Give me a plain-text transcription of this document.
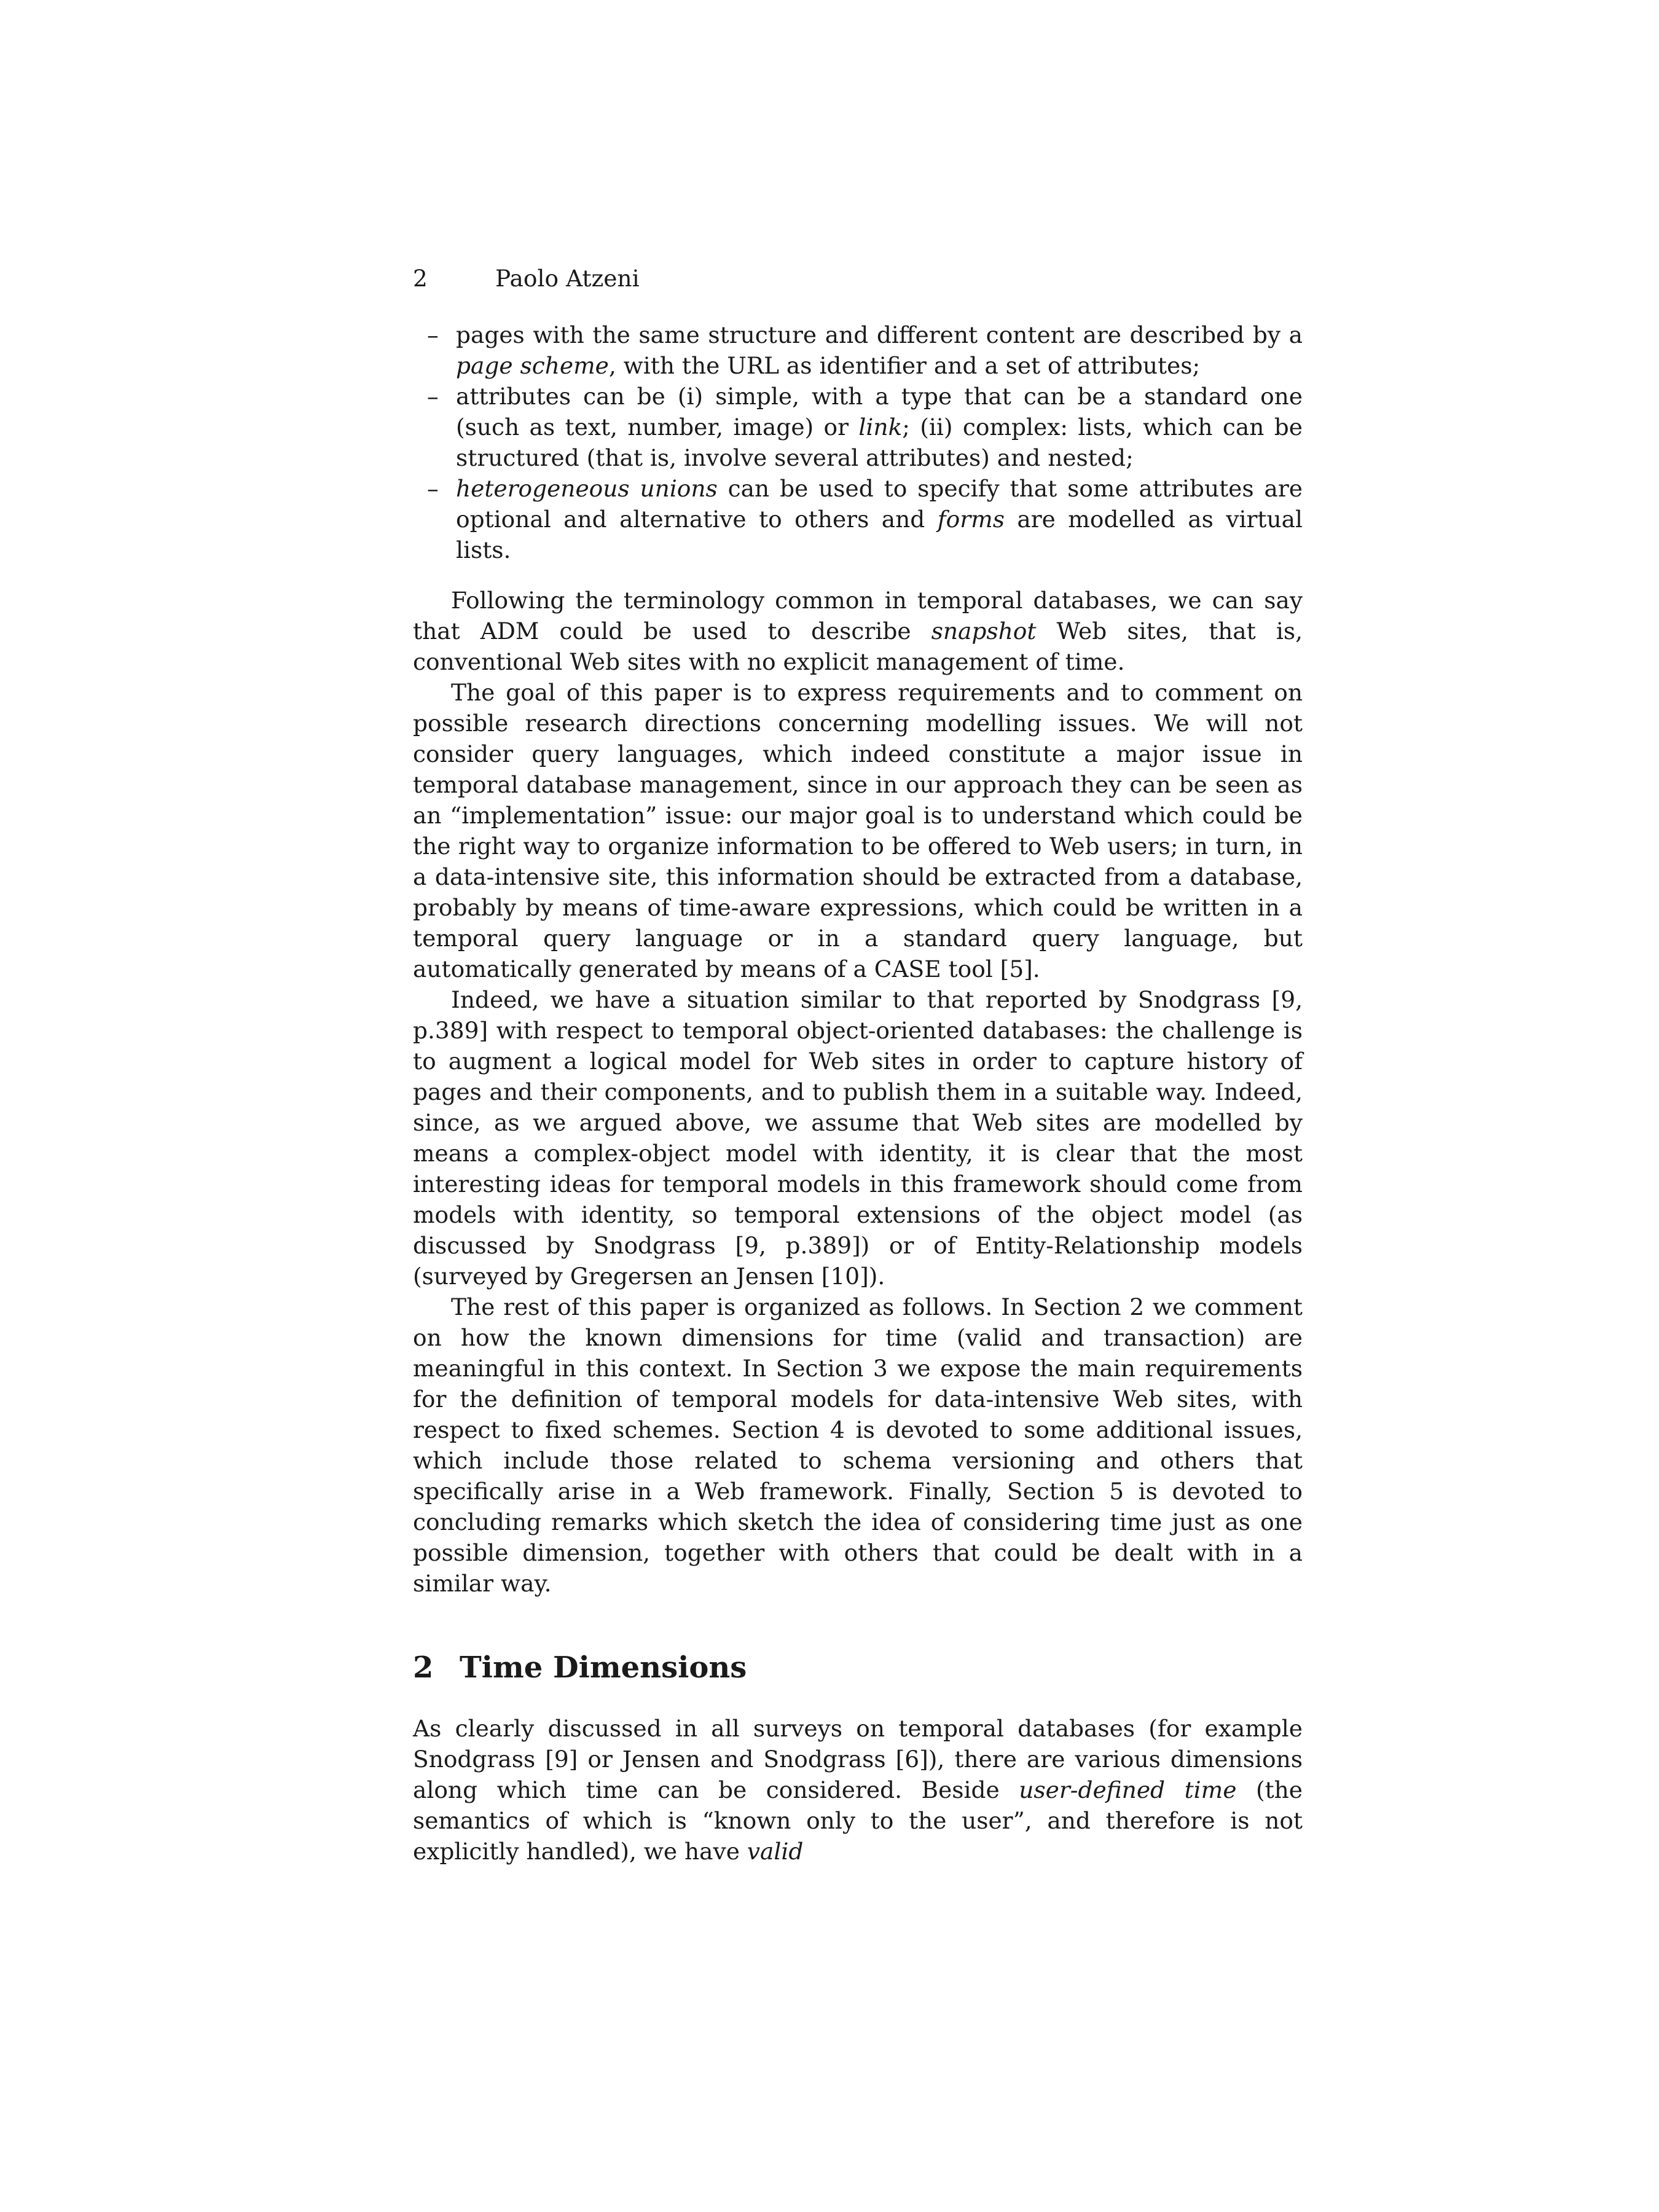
2	Paolo Atzeni
– pages with the same structure and different content are described by a page scheme, with the URL as identifier and a set of attributes;
– attributes can be (i) simple, with a type that can be a standard one (such as text, number, image) or link; (ii) complex: lists, which can be structured (that is, involve several attributes) and nested;
– heterogeneous unions can be used to specify that some attributes are optional and alternative to others and forms are modelled as virtual lists.

Following the terminology common in temporal databases, we can say that ADM could be used to describe snapshot Web sites, that is, conventional Web sites with no explicit management of time.

The goal of this paper is to express requirements and to comment on possible research directions concerning modelling issues. We will not consider query languages, which indeed constitute a major issue in temporal database management, since in our approach they can be seen as an “implementation” issue: our major goal is to understand which could be the right way to organize information to be offered to Web users; in turn, in a data-intensive site, this information should be extracted from a database, probably by means of time-aware expressions, which could be written in a temporal query language or in a standard query language, but automatically generated by means of a CASE tool [5].

Indeed, we have a situation similar to that reported by Snodgrass [9, p.389] with respect to temporal object-oriented databases: the challenge is to augment a logical model for Web sites in order to capture history of pages and their components, and to publish them in a suitable way. Indeed, since, as we argued above, we assume that Web sites are modelled by means a complex-object model with identity, it is clear that the most interesting ideas for temporal models in this framework should come from models with identity, so temporal extensions of the object model (as discussed by Snodgrass [9, p.389]) or of Entity-Relationship models (surveyed by Gregersen an Jensen [10]).

The rest of this paper is organized as follows. In Section 2 we comment on how the known dimensions for time (valid and transaction) are meaningful in this context. In Section 3 we expose the main requirements for the definition of temporal models for data-intensive Web sites, with respect to fixed schemes. Section 4 is devoted to some additional issues, which include those related to schema versioning and others that specifically arise in a Web framework. Finally, Section 5 is devoted to concluding remarks which sketch the idea of considering time just as one possible dimension, together with others that could be dealt with in a similar way.

2 Time Dimensions

As clearly discussed in all surveys on temporal databases (for example Snodgrass [9] or Jensen and Snodgrass [6]), there are various dimensions along which time can be considered. Beside user-defined time (the semantics of which is “known only to the user”, and therefore is not explicitly handled), we have valid
